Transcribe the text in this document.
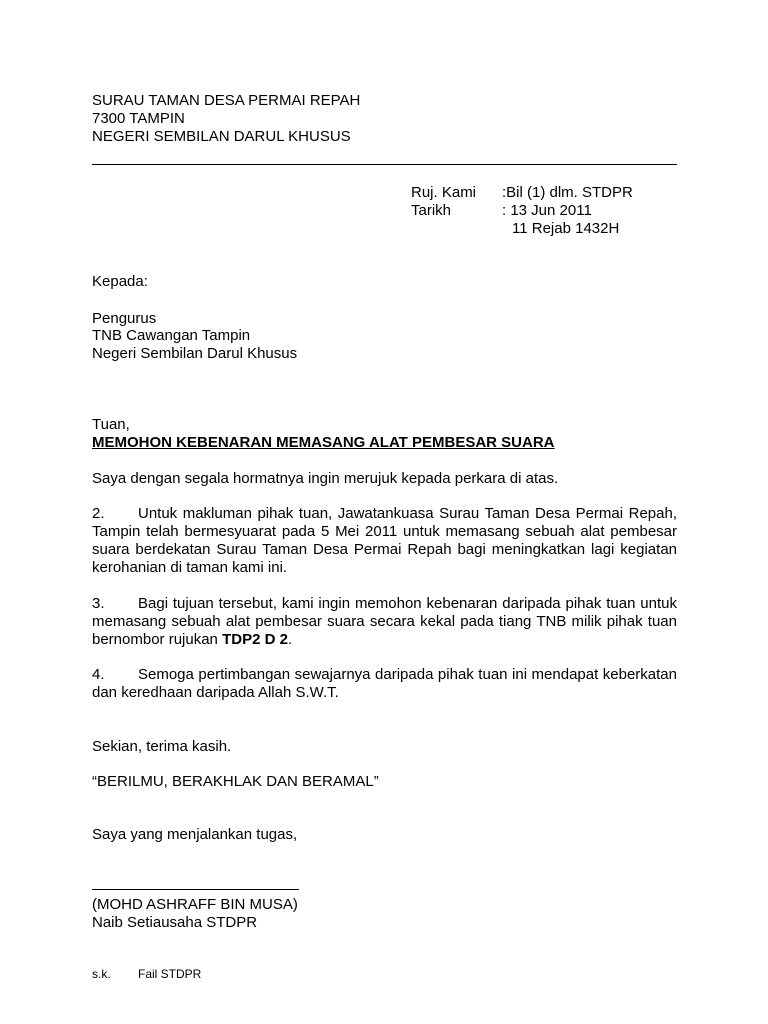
SURAU TAMAN DESA PERMAI REPAH
7300 TAMPIN
NEGERI SEMBILAN DARUL KHUSUS
Ruj. Kami :Bil (1) dlm. STDPR
Tarikh	: 13 Jun 2011
11 Rejab 1432H
Kepada:
Pengurus
TNB Cawangan Tampin
Negeri Sembilan Darul Khusus
Tuan,
MEMOHON KEBENARAN MEMASANG ALAT PEMBESAR SUARA
Saya dengan segala hormatnya ingin merujuk kepada perkara di atas.
2. Untuk makluman pihak tuan, Jawatankuasa Surau Taman Desa Permai Repah, Tampin telah bermesyuarat pada 5 Mei 2011 untuk memasang sebuah alat pembesar suara berdekatan Surau Taman Desa Permai Repah bagi meningkatkan lagi kegiatan kerohanian di taman kami ini.
3. Bagi tujuan tersebut, kami ingin memohon kebenaran daripada pihak tuan untuk memasang sebuah alat pembesar suara secara kekal pada tiang TNB milik pihak tuan bernombor rujukan TDP2 D 2.
4. Semoga pertimbangan sewajarnya daripada pihak tuan ini mendapat keberkatan dan keredhaan daripada Allah S.W.T.
Sekian, terima kasih.
“BERILMU, BERAKHLAK DAN BERAMAL”
Saya yang menjalankan tugas,
(MOHD ASHRAFF BIN MUSA)
Naib Setiausaha STDPR
s.k. Fail STDPR
